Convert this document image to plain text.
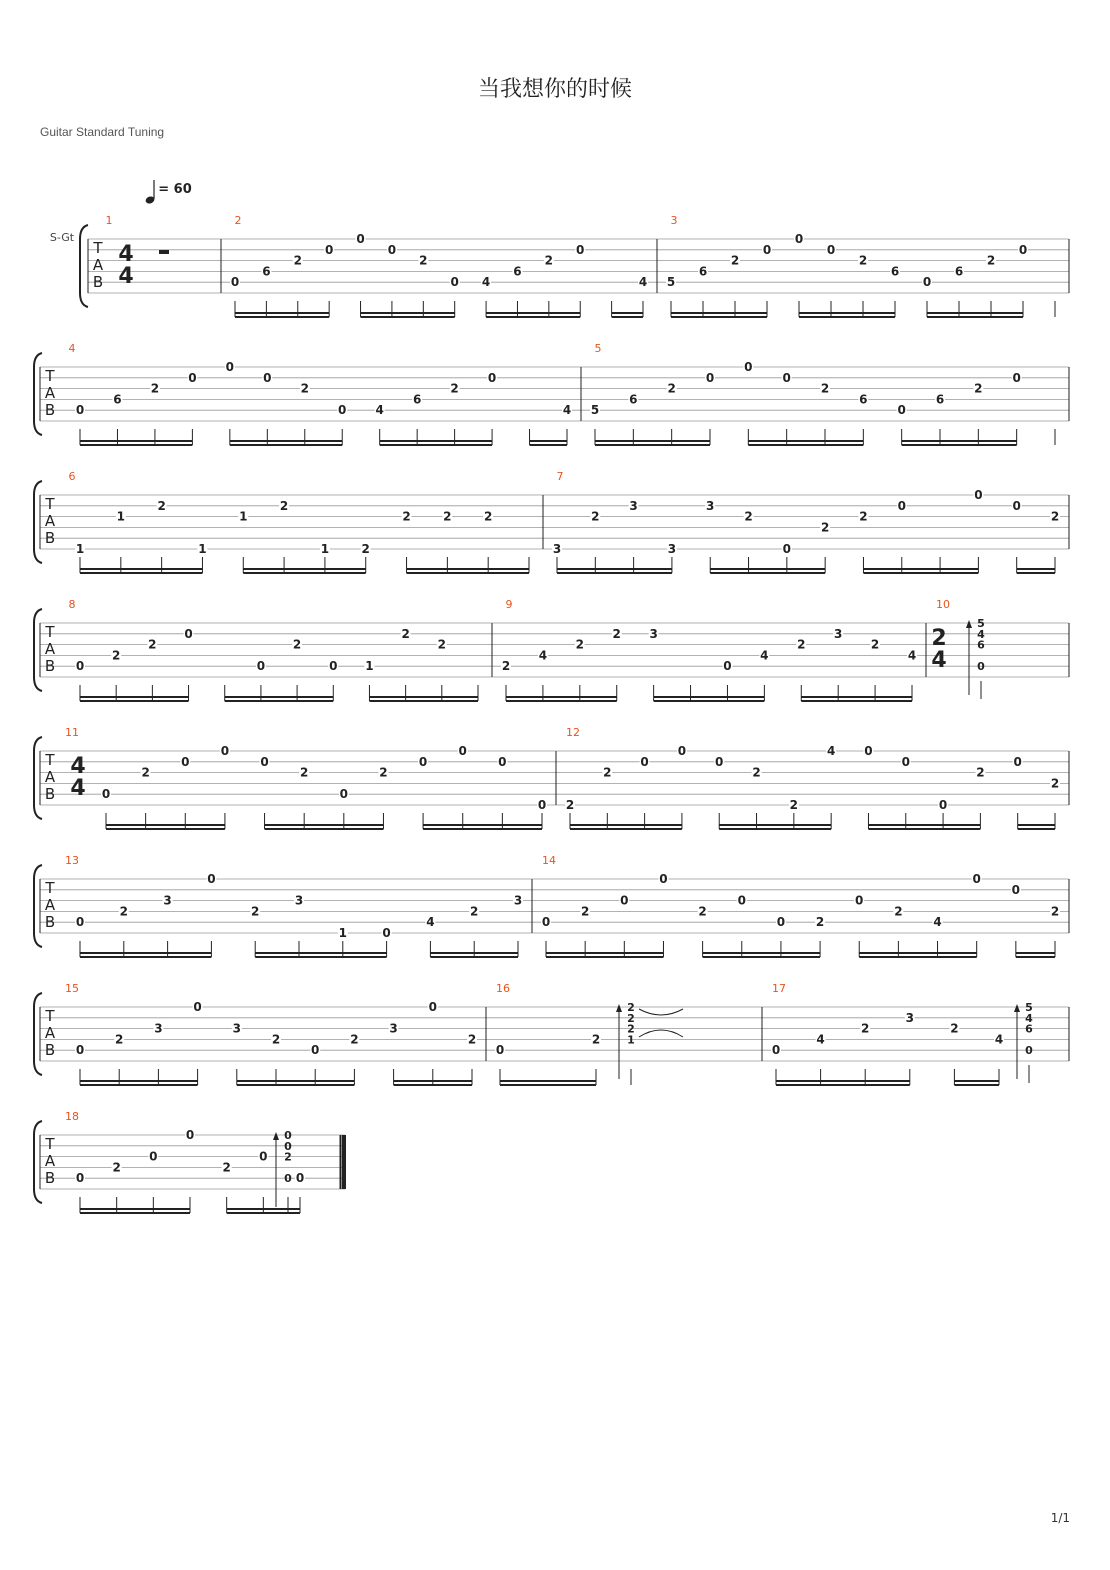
当我想你的时候
Guitar Standard Tuning
= 60
S-Gt
T
A
B
1
4
4
2
0
6
2
0
0
0
2
0 4
6
2
0
4
3
5
6
2
0
0
0
2
6
0
6
2
0
T
A
B
4
0
6
2
0
0
0
2
0 4
6
2
0
4
5
5
6
2
0
0
0
2
6
0
6
2
0
T
A
B
6
1
1
2
1
1
2
1	2
2	2	2
7
3
2
3
3
3
2
0
2
2
0
0
0
2
T
A
B
8
0
2
2
0
0
2
0 1
2
2
9
2
4
2
2 3
0
4
2
3
2
4
10
2
4
5
4
6
0
T
A
B
11
4
4 0
2
0
0
0
2
0
2
0
0
0
0
12
2
2
0
0
0
2
2
4 0
0
0
2
0
2
T
A
B
13
0
2
3
0
2
3
1	0
4
2
3
14
0
2
0
0
2
0
0	2
0
2
4
0
0
2
T
A
B
15
0
2
3
0
3
2
0
2
3
0
2
16
0
2
2
2
2
1
17
0
4
2
3
2
4
5
4
6
0
T
A
B
18
0
2
0
0
2
0
0
0
0
2
0
1/1
